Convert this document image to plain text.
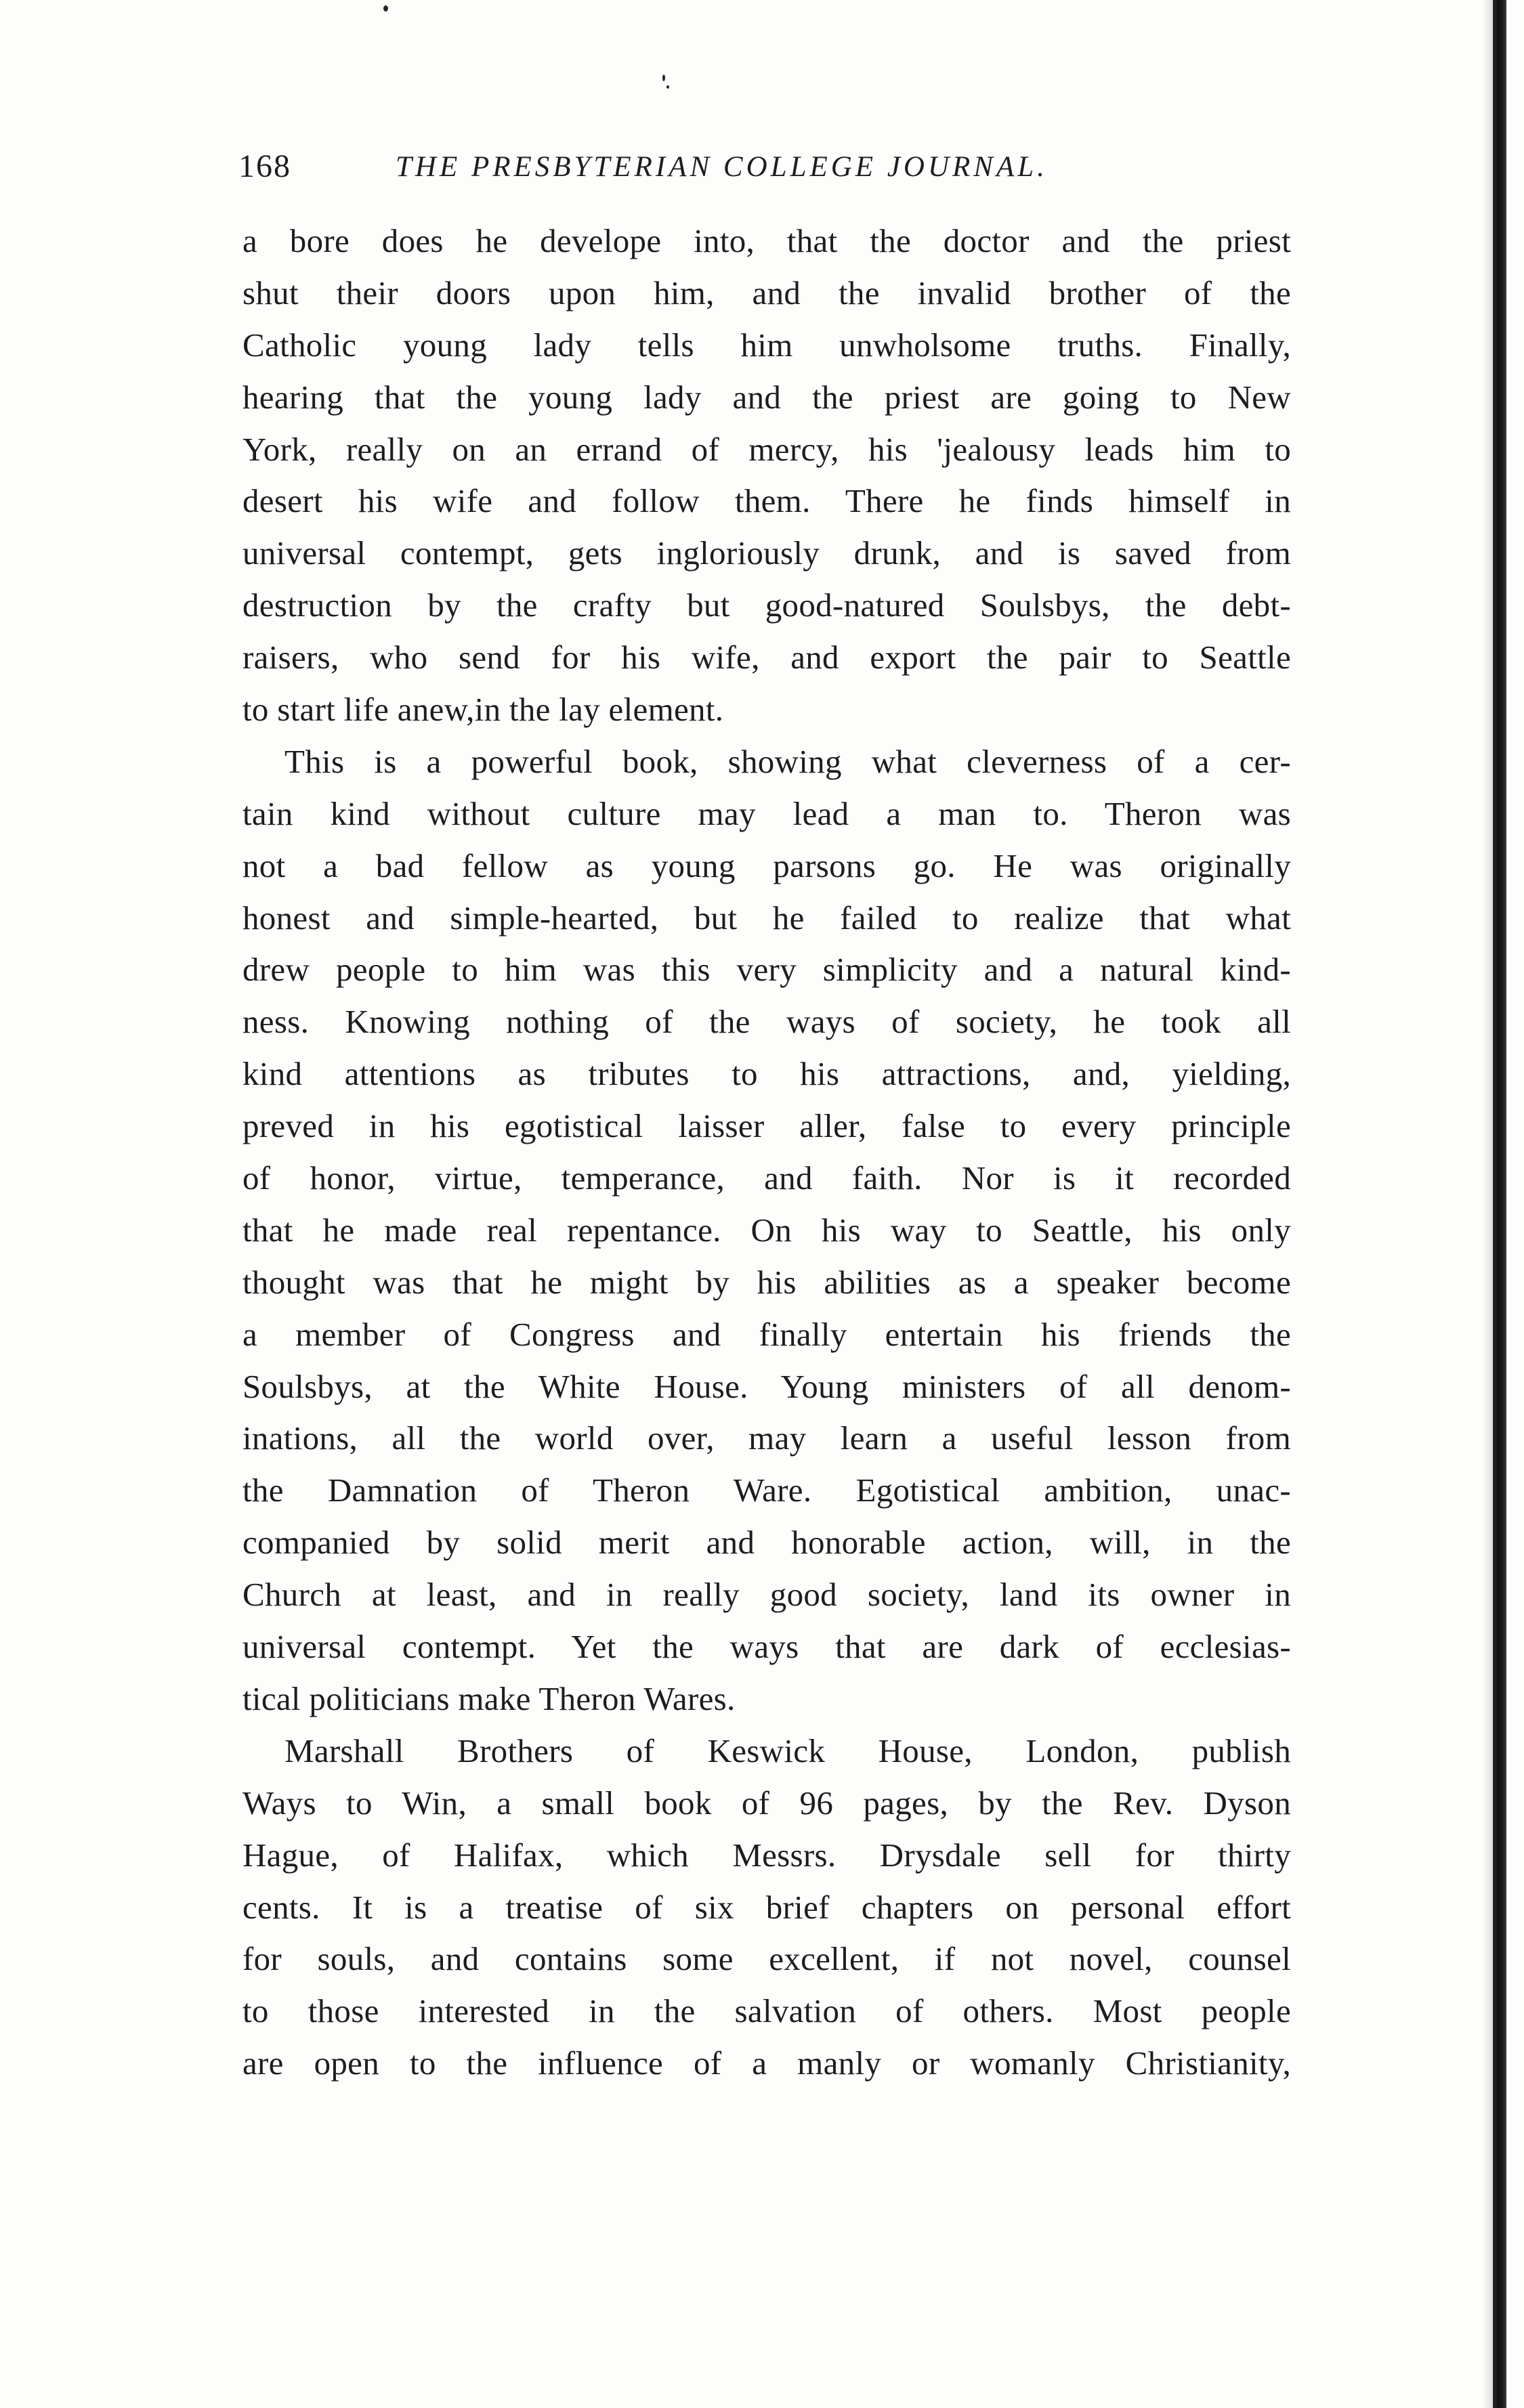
168	THE PRESBYTERIAN COLLEGE JOURNAL.
a bore does he develope into, that the doctor and the priest
shut their doors upon him, and the invalid brother of the
Catholic young lady tells him unwholsome truths. Finally,
hearing that the young lady and the priest are going to New
York, really on an errand of mercy, his 'jealousy leads him to
desert his wife and follow them. There he finds himself in
universal contempt, gets ingloriously drunk, and is saved from
destruction by the crafty but good-natured Soulsbys, the debt-
raisers, who send for his wife, and export the pair to Seattle
to start life anew,in the lay element.
This is a powerful book, showing what cleverness of a cer-
tain kind without culture may lead a man to. Theron was
not a bad fellow as young parsons go. He was originally
honest and simple-hearted, but he failed to realize that what
drew people to him was this very simplicity and a natural kind-
ness. Knowing nothing of the ways of society, he took all
kind attentions as tributes to his attractions, and, yielding,
preved in his egotistical laisser aller, false to every principle
of honor, virtue, temperance, and faith. Nor is it recorded
that he made real repentance. On his way to Seattle, his only
thought was that he might by his abilities as a speaker become
a member of Congress and finally entertain his friends the
Soulsbys, at the White House. Young ministers of all denom-
inations, all the world over, may learn a useful lesson from
the Damnation of Theron Ware. Egotistical ambition, unac-
companied by solid merit and honorable action, will, in the
Church at least, and in really good society, land its owner in
universal contempt. Yet the ways that are dark of ecclesias-
tical politicians make Theron Wares.
Marshall Brothers of Keswick House, London, publish
Ways to Win, a small book of 96 pages, by the Rev. Dyson
Hague, of Halifax, which Messrs. Drysdale sell for thirty
cents. It is a treatise of six brief chapters on personal effort
for souls, and contains some excellent, if not novel, counsel
to those interested in the salvation of others. Most people
are open to the influence of a manly or womanly Christianity,
